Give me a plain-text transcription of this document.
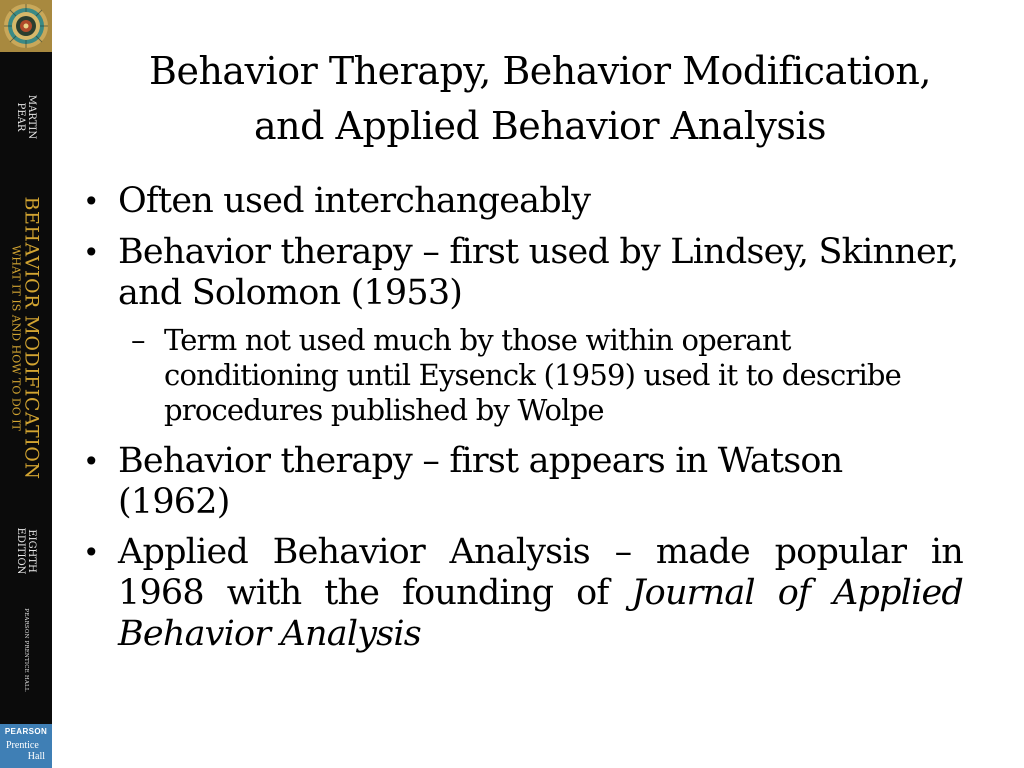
MARTIN
PEAR
BEHAVIOR MODIFICATION
WHAT IT IS AND HOW TO DO IT
EIGHTH
EDITION
PEARSON PRENTICE HALL
PEARSON
Prentice
Hall
Behavior Therapy, Behavior Modification,
and Applied Behavior Analysis
• Often used interchangeably
• Behavior therapy – first used by Lindsey, Skinner, and Solomon (1953)
– Term not used much by those within operant conditioning until Eysenck (1959) used it to describe procedures published by Wolpe
• Behavior therapy – first appears in Watson (1962)
• Applied Behavior Analysis – made popular in 1968 with the founding of Journal of Applied Behavior Analysis
